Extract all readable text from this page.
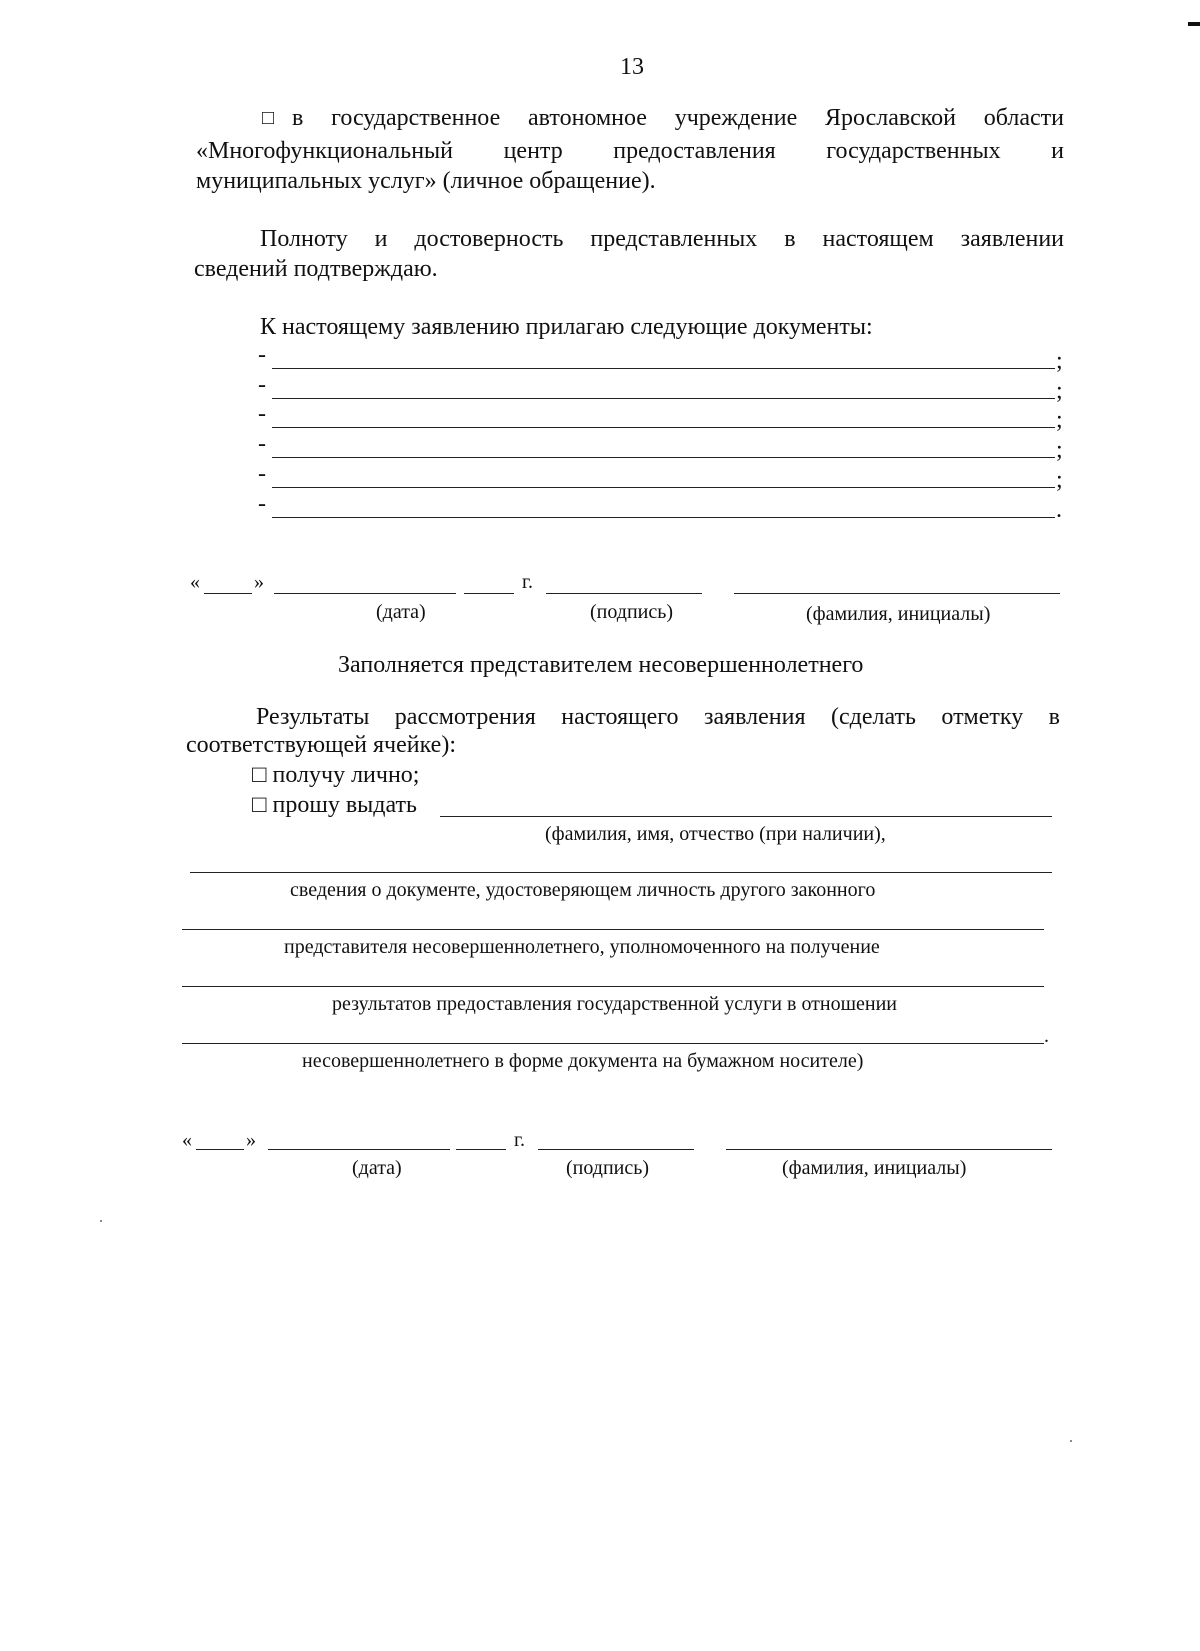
13
□ в государственное автономное учреждение Ярославской области
«Многофункциональный центр предоставления государственных и
муниципальных услуг» (личное обращение).
Полноту и достоверность представленных в настоящем заявлении
сведений подтверждаю.
К настоящему заявлению прилагаю следующие документы:
-	;
-	;
-	;
-	;
-	;
-	.
«	»	г.
(дата)	(подпись)	(фамилия, инициалы)
Заполняется представителем несовершеннолетнего
Результаты рассмотрения настоящего заявления (сделать отметку в
соответствующей ячейке):
□ получу лично;
□ прошу выдать
(фамилия, имя, отчество (при наличии),
сведения о документе, удостоверяющем личность другого законного
представителя несовершеннолетнего, уполномоченного на получение
результатов предоставления государственной услуги в отношении
.
несовершеннолетнего в форме документа на бумажном носителе)
«	»	г.
(дата)	(подпись)	(фамилия, инициалы)
